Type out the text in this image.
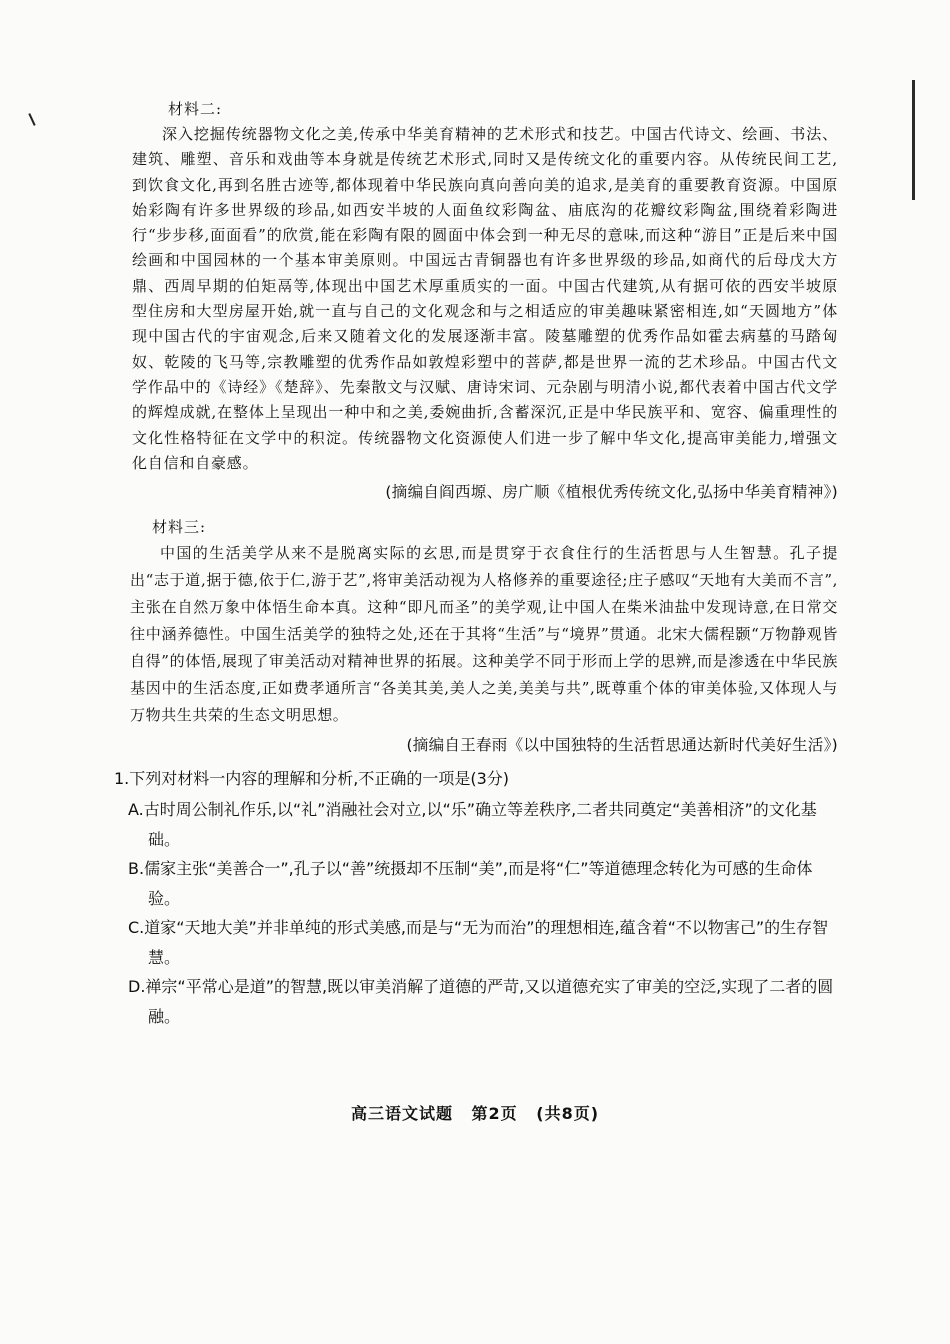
材料二:

深入挖掘传统器物文化之美,传承中华美育精神的艺术形式和技艺。中国古代诗文、绘画、书法、建筑、雕塑、音乐和戏曲等本身就是传统艺术形式,同时又是传统文化的重要内容。从传统民间工艺,到饮食文化,再到名胜古迹等,都体现着中华民族向真向善向美的追求,是美育的重要教育资源。中国原始彩陶有许多世界级的珍品,如西安半坡的人面鱼纹彩陶盆、庙底沟的花瓣纹彩陶盆,围绕着彩陶进行“步步移,面面看”的欣赏,能在彩陶有限的圆面中体会到一种无尽的意味,而这种“游目”正是后来中国绘画和中国园林的一个基本审美原则。中国远古青铜器也有许多世界级的珍品,如商代的后母戊大方鼎、西周早期的伯矩鬲等,体现出中国艺术厚重质实的一面。中国古代建筑,从有据可依的西安半坡原型住房和大型房屋开始,就一直与自己的文化观念和与之相适应的审美趣味紧密相连,如“天圆地方”体现中国古代的宇宙观念,后来又随着文化的发展逐渐丰富。陵墓雕塑的优秀作品如霍去病墓的马踏匈奴、乾陵的飞马等,宗教雕塑的优秀作品如敦煌彩塑中的菩萨,都是世界一流的艺术珍品。中国古代文学作品中的《诗经》《楚辞》、先秦散文与汉赋、唐诗宋词、元杂剧与明清小说,都代表着中国古代文学的辉煌成就,在整体上呈现出一种中和之美,委婉曲折,含蓄深沉,正是中华民族平和、宽容、偏重理性的文化性格特征在文学中的积淀。传统器物文化资源使人们进一步了解中华文化,提高审美能力,增强文化自信和自豪感。

(摘编自阎西塬、房广顺《植根优秀传统文化,弘扬中华美育精神》)
材料三:

中国的生活美学从来不是脱离实际的玄思,而是贯穿于衣食住行的生活哲思与人生智慧。孔子提出“志于道,据于德,依于仁,游于艺”,将审美活动视为人格修养的重要途径;庄子感叹“天地有大美而不言”,主张在自然万象中体悟生命本真。这种“即凡而圣”的美学观,让中国人在柴米油盐中发现诗意,在日常交往中涵养德性。中国生活美学的独特之处,还在于其将“生活”与“境界”贯通。北宋大儒程颢“万物静观皆自得”的体悟,展现了审美活动对精神世界的拓展。这种美学不同于形而上学的思辨,而是渗透在中华民族基因中的生活态度,正如费孝通所言“各美其美,美人之美,美美与共”,既尊重个体的审美体验,又体现人与万物共生共荣的生态文明思想。

(摘编自王春雨《以中国独特的生活哲思通达新时代美好生活》)
1.下列对材料一内容的理解和分析,不正确的一项是(3分)
A.古时周公制礼作乐,以“礼”消融社会对立,以“乐”确立等差秩序,二者共同奠定“美善相济”的文化基础。
B.儒家主张“美善合一”,孔子以“善”统摄却不压制“美”,而是将“仁”等道德理念转化为可感的生命体验。
C.道家“天地大美”并非单纯的形式美感,而是与“无为而治”的理想相连,蕴含着“不以物害己”的生存智慧。
D.禅宗“平常心是道”的智慧,既以审美消解了道德的严苛,又以道德充实了审美的空泛,实现了二者的圆融。
高三语文试题 第2页 (共8页)
